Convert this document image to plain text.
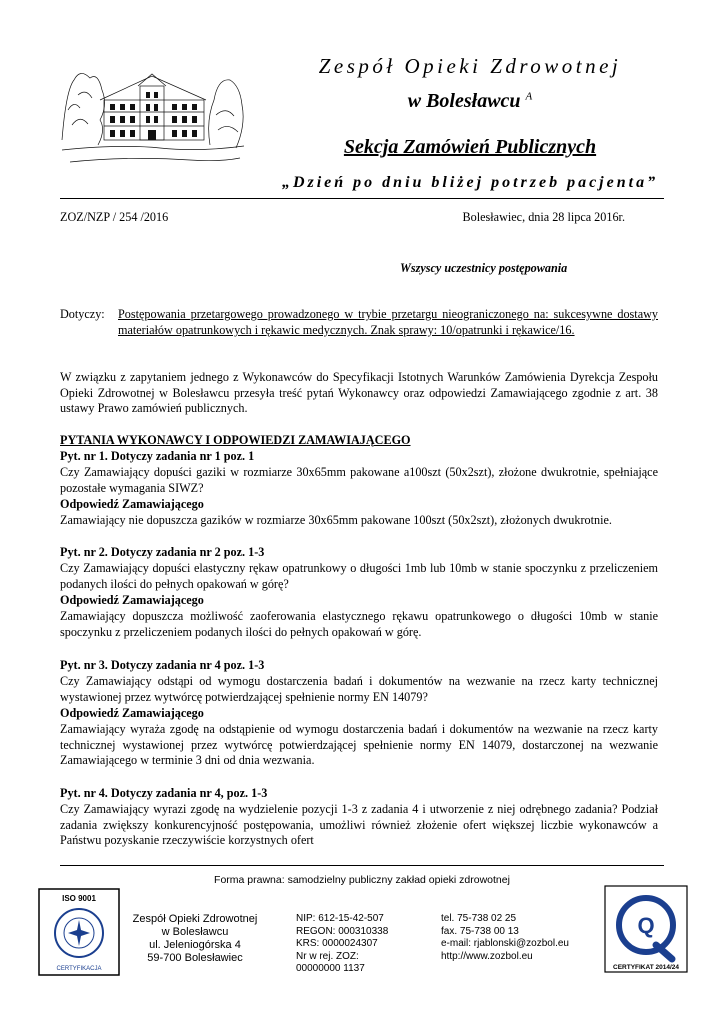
Zespół Opieki Zdrowotnej
w Bolesławcu $^A$
Sekcja Zamówień Publicznych
„Dzień po dniu bliżej potrzeb pacjenta”
ZOZ/NZP / 254 /2016	Bolesławiec, dnia 28 lipca 2016r.
Wszyscy uczestnicy postępowania
Dotyczy: Postępowania przetargowego prowadzonego w trybie przetargu nieograniczonego na: sukcesywne dostawy materiałów opatrunkowych i rękawic medycznych. Znak sprawy: 10/opatrunki i rękawice/16.
W związku z zapytaniem jednego z Wykonawców do Specyfikacji Istotnych Warunków Zamówienia Dyrekcja Zespołu Opieki Zdrowotnej w Bolesławcu przesyła treść pytań Wykonawcy oraz odpowiedzi Zamawiającego zgodnie z art. 38 ustawy Prawo zamówień publicznych.
PYTANIA WYKONAWCY I ODPOWIEDZI ZAMAWIAJĄCEGO
Pyt. nr 1. Dotyczy zadania nr 1 poz. 1
Czy Zamawiający dopuści gaziki w rozmiarze 30x65mm pakowane a100szt (50x2szt), złożone dwukrotnie, spełniające pozostałe wymagania SIWZ?
Odpowiedź Zamawiającego
Zamawiający nie dopuszcza gazików w rozmiarze 30x65mm pakowane 100szt (50x2szt), złożonych dwukrotnie.
Pyt. nr 2. Dotyczy zadania nr 2 poz. 1-3
Czy Zamawiający dopuści elastyczny rękaw opatrunkowy o długości 1mb lub 10mb w stanie spoczynku z przeliczeniem podanych ilości do pełnych opakowań w górę?
Odpowiedź Zamawiającego
Zamawiający dopuszcza możliwość zaoferowania elastycznego rękawu opatrunkowego o długości 10mb w stanie spoczynku z przeliczeniem podanych ilości do pełnych opakowań w górę.
Pyt. nr 3. Dotyczy zadania nr 4 poz. 1-3
Czy Zamawiający odstąpi od wymogu dostarczenia badań i dokumentów na wezwanie na rzecz karty technicznej wystawionej przez wytwórcę potwierdzającej spełnienie normy EN 14079?
Odpowiedź Zamawiającego
Zamawiający wyraża zgodę na odstąpienie od wymogu dostarczenia badań i dokumentów na wezwanie na rzecz karty technicznej wystawionej przez wytwórcę potwierdzającej spełnienie normy EN 14079, dostarczonej na wezwanie Zamawiającego w terminie 3 dni od dnia wezwania.
Pyt. nr 4. Dotyczy zadania nr 4, poz. 1-3
Czy Zamawiający wyrazi zgodę na wydzielenie pozycji 1-3 z zadania 4 i utworzenie z niej odrębnego zadania? Podział zadania zwiększy konkurencyjność postępowania, umożliwi również złożenie ofert większej liczbie wykonawców a Państwu pozyskanie rzeczywiście korzystnych ofert
Forma prawna: samodzielny publiczny zakład opieki zdrowotnej
ISO 9001
CERTYFIKACJA
Zespół Opieki Zdrowotnej
w Bolesławcu
ul. Jeleniogórska 4
59-700 Bolesławiec
NIP: 612-15-42-507
REGON: 000310338
KRS: 0000024307
Nr w rej. ZOZ:
00000000 1137
tel. 75-738 02 25
fax. 75-738 00 13
e-mail: rjablonski@zozbol.eu
http://www.zozbol.eu
Q
CERTYFIKAT 2014/24
